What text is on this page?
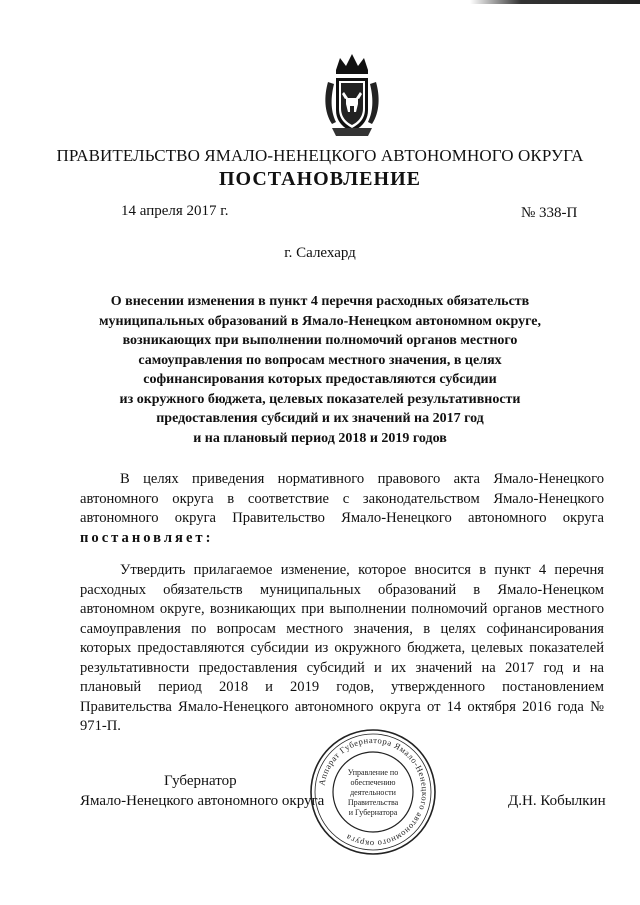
ПРАВИТЕЛЬСТВО ЯМАЛО-НЕНЕЦКОГО АВТОНОМНОГО ОКРУГА
ПОСТАНОВЛЕНИЕ
14 апреля 2017 г.	№ 338-П
г. Салехард
О внесении изменения в пункт 4 перечня расходных обязательств
муниципальных образований в Ямало-Ненецком автономном округе,
возникающих при выполнении полномочий органов местного
самоуправления по вопросам местного значения, в целях
софинансирования которых предоставляются субсидии
из окружного бюджета, целевых показателей результативности
предоставления субсидий и их значений на 2017 год
и на плановый период 2018 и 2019 годов
В целях приведения нормативного правового акта Ямало-Ненецкого автономного округа в соответствие с законодательством Ямало-Ненецкого автономного округа Правительство Ямало-Ненецкого автономного округа постановляет:
Утвердить прилагаемое изменение, которое вносится в пункт 4 перечня расходных обязательств муниципальных образований в Ямало-Ненецком автономном округе, возникающих при выполнении полномочий органов местного самоуправления по вопросам местного значения, в целях софинансирования которых предоставляются субсидии из окружного бюджета, целевых показателей результативности предоставления субсидий и их значений на 2017 год и на плановый период 2018 и 2019 годов, утвержденного постановлением Правительства Ямало-Ненецкого автономного округа от 14 октября 2016 года № 971-П.
Губернатор
Ямало-Ненецкого автономного округа	Д.Н. Кобылкин
Аппарат Губернатора Ямало-Ненецкого автономного округа
Управление по
обеспечению
деятельности
Правительства
и Губернатора
